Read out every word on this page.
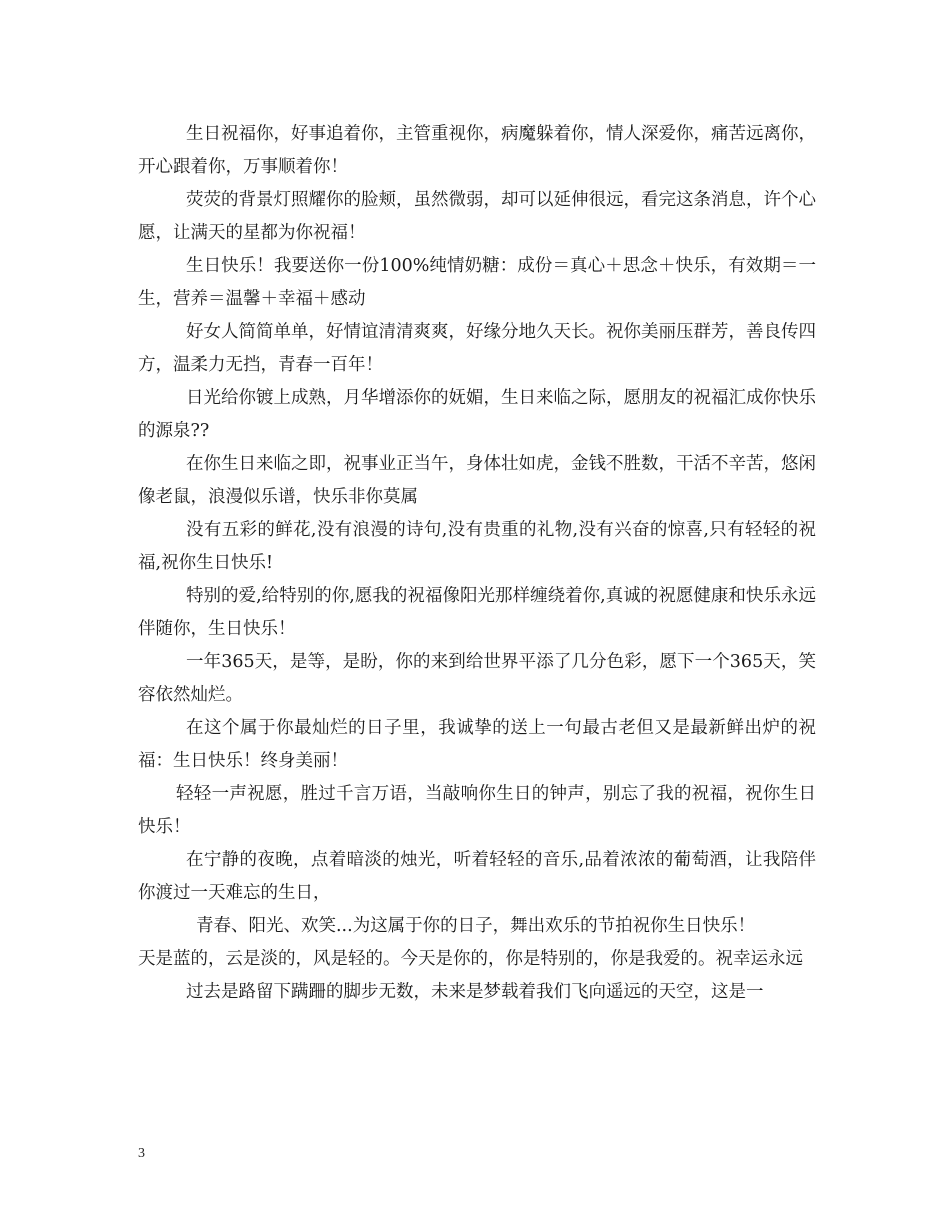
生日祝福你，好事追着你，主管重视你，病魔躲着你，情人深爱你，痛苦远离你，开心跟着你，万事顺着你！

荧荧的背景灯照耀你的脸颊，虽然微弱，却可以延伸很远，看完这条消息，许个心愿，让满天的星都为你祝福！

生日快乐！我要送你一份100%纯情奶糖：成份＝真心＋思念＋快乐，有效期＝一生，营养＝温馨＋幸福＋感动

好女人简简单单，好情谊清清爽爽，好缘分地久天长。祝你美丽压群芳，善良传四方，温柔力无挡，青春一百年！

日光给你镀上成熟，月华增添你的妩媚，生日来临之际，愿朋友的祝福汇成你快乐的源泉??

在你生日来临之即，祝事业正当午，身体壮如虎，金钱不胜数，干活不辛苦，悠闲像老鼠，浪漫似乐谱，快乐非你莫属

没有五彩的鲜花,没有浪漫的诗句,没有贵重的礼物,没有兴奋的惊喜,只有轻轻的祝福,祝你生日快乐!

特别的爱,给特别的你,愿我的祝福像阳光那样缠绕着你,真诚的祝愿健康和快乐永远伴随你，生日快乐！

一年365天，是等，是盼，你的来到给世界平添了几分色彩，愿下一个365天，笑容依然灿烂。

在这个属于你最灿烂的日子里，我诚挚的送上一句最古老但又是最新鲜出炉的祝福：生日快乐！终身美丽！

轻轻一声祝愿，胜过千言万语，当敲响你生日的钟声，别忘了我的祝福，祝你生日快乐！

在宁静的夜晚，点着暗淡的烛光，听着轻轻的音乐,品着浓浓的葡萄酒，让我陪伴你渡过一天难忘的生日，

青春、阳光、欢笑...为这属于你的日子，舞出欢乐的节拍祝你生日快乐！

天是蓝的，云是淡的，风是轻的。今天是你的，你是特别的，你是我爱的。祝幸运永远

过去是路留下蹒跚的脚步无数，未来是梦载着我们飞向遥远的天空，这是一

3
